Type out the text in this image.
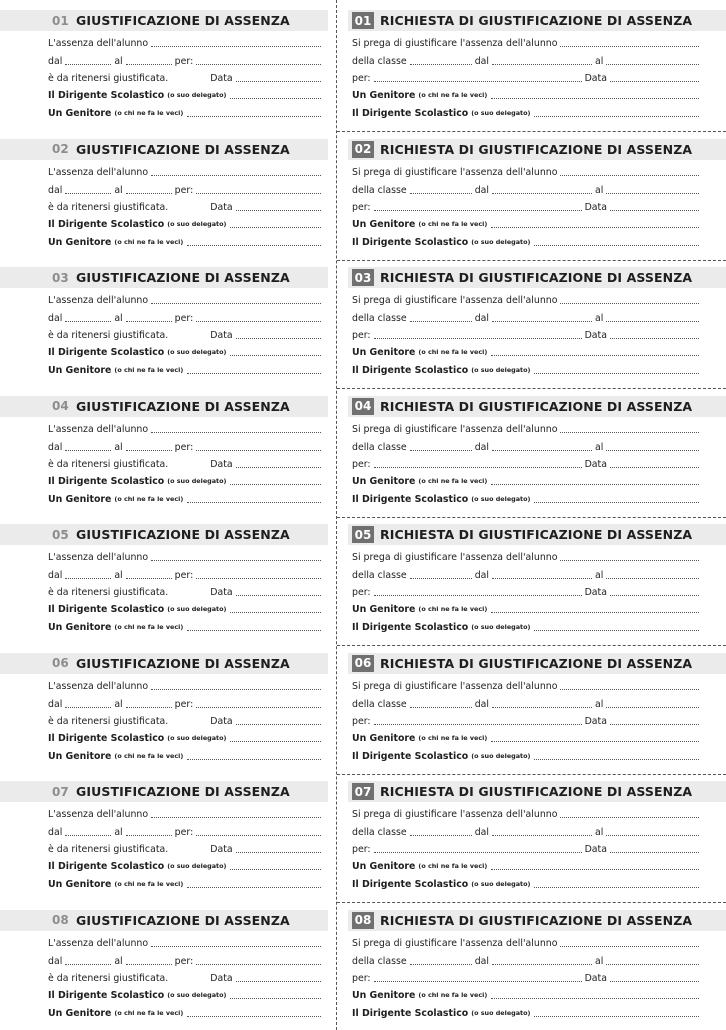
01 GIUSTIFICAZIONE DI ASSENZA
L'assenza dell'alunno
dal	al	per:
è da ritenersi giustificata.	Data
Il Dirigente Scolastico (o suo delegato)
Un Genitore (o chi ne fa le veci)
01 RICHIESTA DI GIUSTIFICAZIONE DI ASSENZA
Si prega di giustificare l'assenza dell'alunno
della classe	dal	al
per:	Data
Un Genitore (o chi ne fa le veci)
Il Dirigente Scolastico (o suo delegato)
02 GIUSTIFICAZIONE DI ASSENZA
L'assenza dell'alunno
dal	al	per:
è da ritenersi giustificata.	Data
Il Dirigente Scolastico (o suo delegato)
Un Genitore (o chi ne fa le veci)
02 RICHIESTA DI GIUSTIFICAZIONE DI ASSENZA
Si prega di giustificare l'assenza dell'alunno
della classe	dal	al
per:	Data
Un Genitore (o chi ne fa le veci)
Il Dirigente Scolastico (o suo delegato)
03 GIUSTIFICAZIONE DI ASSENZA
L'assenza dell'alunno
dal	al	per:
è da ritenersi giustificata.	Data
Il Dirigente Scolastico (o suo delegato)
Un Genitore (o chi ne fa le veci)
03 RICHIESTA DI GIUSTIFICAZIONE DI ASSENZA
Si prega di giustificare l'assenza dell'alunno
della classe	dal	al
per:	Data
Un Genitore (o chi ne fa le veci)
Il Dirigente Scolastico (o suo delegato)
04 GIUSTIFICAZIONE DI ASSENZA
L'assenza dell'alunno
dal	al	per:
è da ritenersi giustificata.	Data
Il Dirigente Scolastico (o suo delegato)
Un Genitore (o chi ne fa le veci)
04 RICHIESTA DI GIUSTIFICAZIONE DI ASSENZA
Si prega di giustificare l'assenza dell'alunno
della classe	dal	al
per:	Data
Un Genitore (o chi ne fa le veci)
Il Dirigente Scolastico (o suo delegato)
05 GIUSTIFICAZIONE DI ASSENZA
L'assenza dell'alunno
dal	al	per:
è da ritenersi giustificata.	Data
Il Dirigente Scolastico (o suo delegato)
Un Genitore (o chi ne fa le veci)
05 RICHIESTA DI GIUSTIFICAZIONE DI ASSENZA
Si prega di giustificare l'assenza dell'alunno
della classe	dal	al
per:	Data
Un Genitore (o chi ne fa le veci)
Il Dirigente Scolastico (o suo delegato)
06 GIUSTIFICAZIONE DI ASSENZA
L'assenza dell'alunno
dal	al	per:
è da ritenersi giustificata.	Data
Il Dirigente Scolastico (o suo delegato)
Un Genitore (o chi ne fa le veci)
06 RICHIESTA DI GIUSTIFICAZIONE DI ASSENZA
Si prega di giustificare l'assenza dell'alunno
della classe	dal	al
per:	Data
Un Genitore (o chi ne fa le veci)
Il Dirigente Scolastico (o suo delegato)
07 GIUSTIFICAZIONE DI ASSENZA
L'assenza dell'alunno
dal	al	per:
è da ritenersi giustificata.	Data
Il Dirigente Scolastico (o suo delegato)
Un Genitore (o chi ne fa le veci)
07 RICHIESTA DI GIUSTIFICAZIONE DI ASSENZA
Si prega di giustificare l'assenza dell'alunno
della classe	dal	al
per:	Data
Un Genitore (o chi ne fa le veci)
Il Dirigente Scolastico (o suo delegato)
08 GIUSTIFICAZIONE DI ASSENZA
L'assenza dell'alunno
dal	al	per:
è da ritenersi giustificata.	Data
Il Dirigente Scolastico (o suo delegato)
Un Genitore (o chi ne fa le veci)
08 RICHIESTA DI GIUSTIFICAZIONE DI ASSENZA
Si prega di giustificare l'assenza dell'alunno
della classe	dal	al
per:	Data
Un Genitore (o chi ne fa le veci)
Il Dirigente Scolastico (o suo delegato)
